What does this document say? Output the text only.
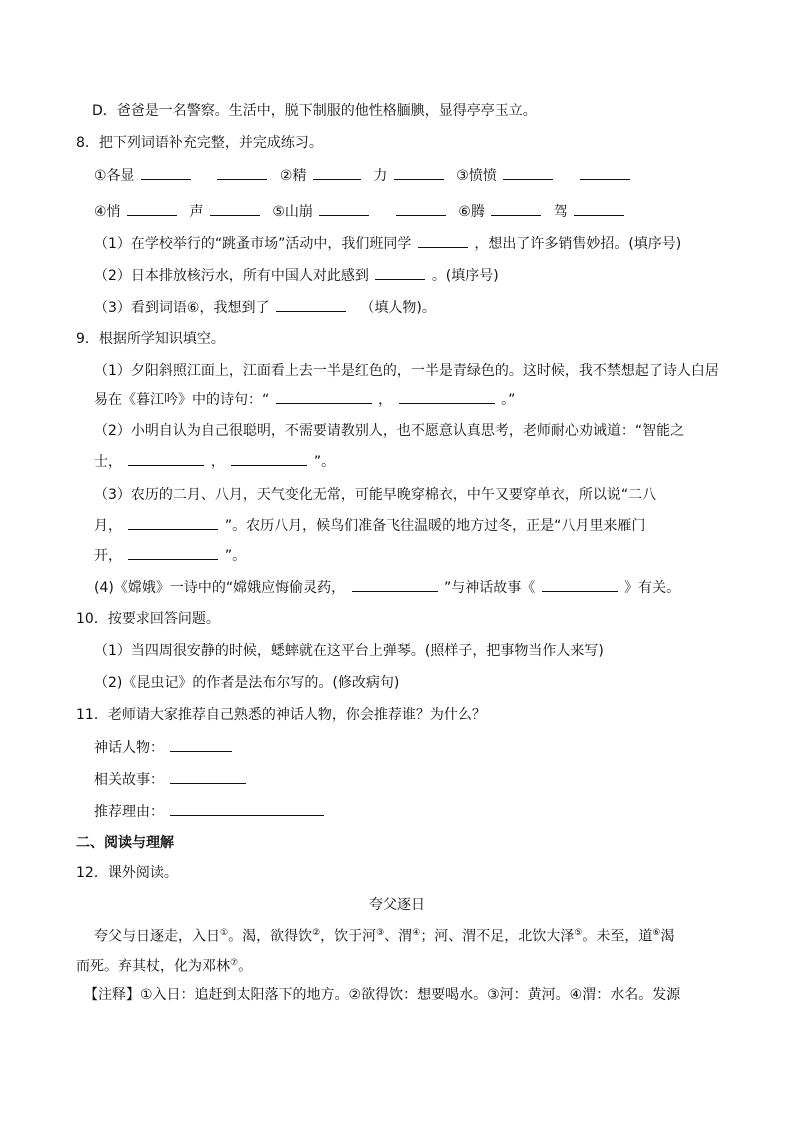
D．爸爸是一名警察。生活中，脱下制服的他性格腼腆，显得亭亭玉立。
8．把下列词语补充完整，并完成练习。
①各显	②精	力	③愤愤
④悄	声	⑤山崩	⑥腾	驾
（1）在学校举行的“跳蚤市场”活动中，我们班同学	，想出了许多销售妙招。(填序号)
（2）日本排放核污水，所有中国人对此感到	。(填序号)
（3）看到词语⑥，我想到了	（填人物)。
9．根据所学知识填空。
（1）夕阳斜照江面上，江面看上去一半是红色的，一半是青绿色的。这时候，我不禁想起了诗人白居
易在《暮江吟》中的诗句：“	，	。”
（2）小明自认为自己很聪明，不需要请教别人，也不愿意认真思考，老师耐心劝诫道：“智能之
士，	，	”。
（3）农历的二月、八月，天气变化无常，可能早晚穿棉衣，中午又要穿单衣，所以说“二八
月，	”。农历八月，候鸟们准备飞往温暖的地方过冬，正是“八月里来雁门
开，	”。
(4)《嫦娥》一诗中的“嫦娥应悔偷灵药，	”与神话故事《	》有关。
10．按要求回答问题。
（1）当四周很安静的时候，蟋蟀就在这平台上弹琴。(照样子，把事物当作人来写)
（2)《昆虫记》的作者是法布尔写的。(修改病句)
11．老师请大家推荐自己熟悉的神话人物，你会推荐谁？为什么？
神话人物：
相关故事：
推荐理由：
二、阅读与理解
12．课外阅读。
夸父逐日
夸父与日逐走，入日①。渴，欲得饮②，饮于河③、渭④；河、渭不足，北饮大泽⑤。未至，道⑥渴
而死。弃其杖，化为邓林⑦。
【注释】①入日：追赶到太阳落下的地方。②欲得饮：想要喝水。③河：黄河。④渭：水名。发源
